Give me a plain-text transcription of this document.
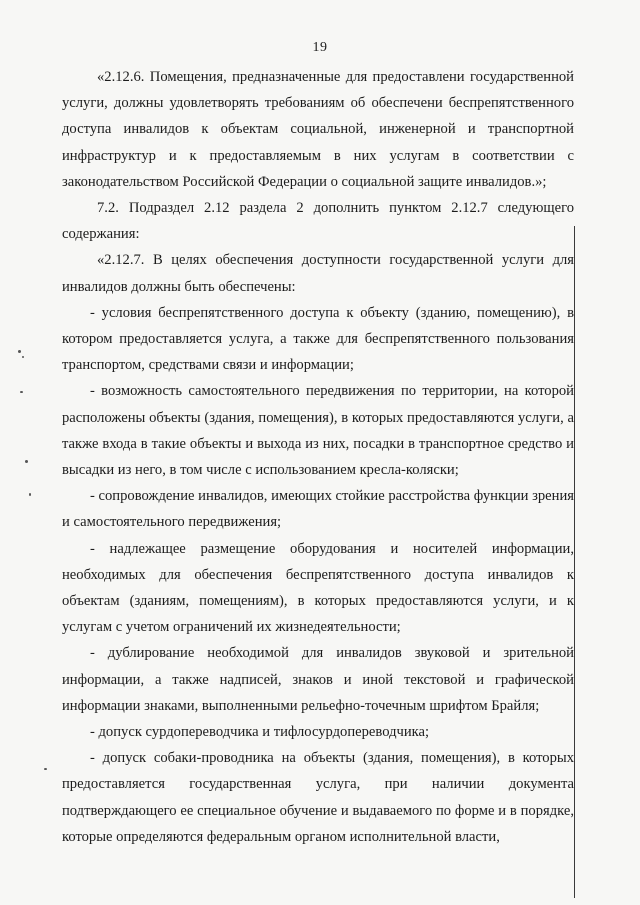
19

«2.12.6. Помещения, предназначенные для предоставлени государственной услуги, должны удовлетворять требованиям об обеспечени беспрепятственного доступа инвалидов к объектам социальной, инженерной и транспортной инфраструктур и к предоставляемым в них услугам в соответствии с законодательством Российской Федерации о социальной защите инвалидов.»;

7.2. Подраздел 2.12 раздела 2 дополнить пунктом 2.12.7 следующего содержания:

«2.12.7. В целях обеспечения доступности государственной услуги для инвалидов должны быть обеспечены:

- условия беспрепятственного доступа к объекту (зданию, помещению), в котором предоставляется услуга, а также для беспрепятственного пользования транспортом, средствами связи и информации;

- возможность самостоятельного передвижения по территории, на которой расположены объекты (здания, помещения), в которых предоставляются услуги, а также входа в такие объекты и выхода из них, посадки в транспортное средство и высадки из него, в том числе с использованием кресла-коляски;

- сопровождение инвалидов, имеющих стойкие расстройства функции зрения и самостоятельного передвижения;

- надлежащее размещение оборудования и носителей информации, необходимых для обеспечения беспрепятственного доступа инвалидов к объектам (зданиям, помещениям), в которых предоставляются услуги, и к услугам с учетом ограничений их жизнедеятельности;

- дублирование необходимой для инвалидов звуковой и зрительной информации, а также надписей, знаков и иной текстовой и графической информации знаками, выполненными рельефно-точечным шрифтом Брайля;

- допуск сурдопереводчика и тифлосурдопереводчика;

- допуск собаки-проводника на объекты (здания, помещения), в которых предоставляется государственная услуга, при наличии документа подтверждающего ее специальное обучение и выдаваемого по форме и в порядке, которые определяются федеральным органом исполнительной власти,
